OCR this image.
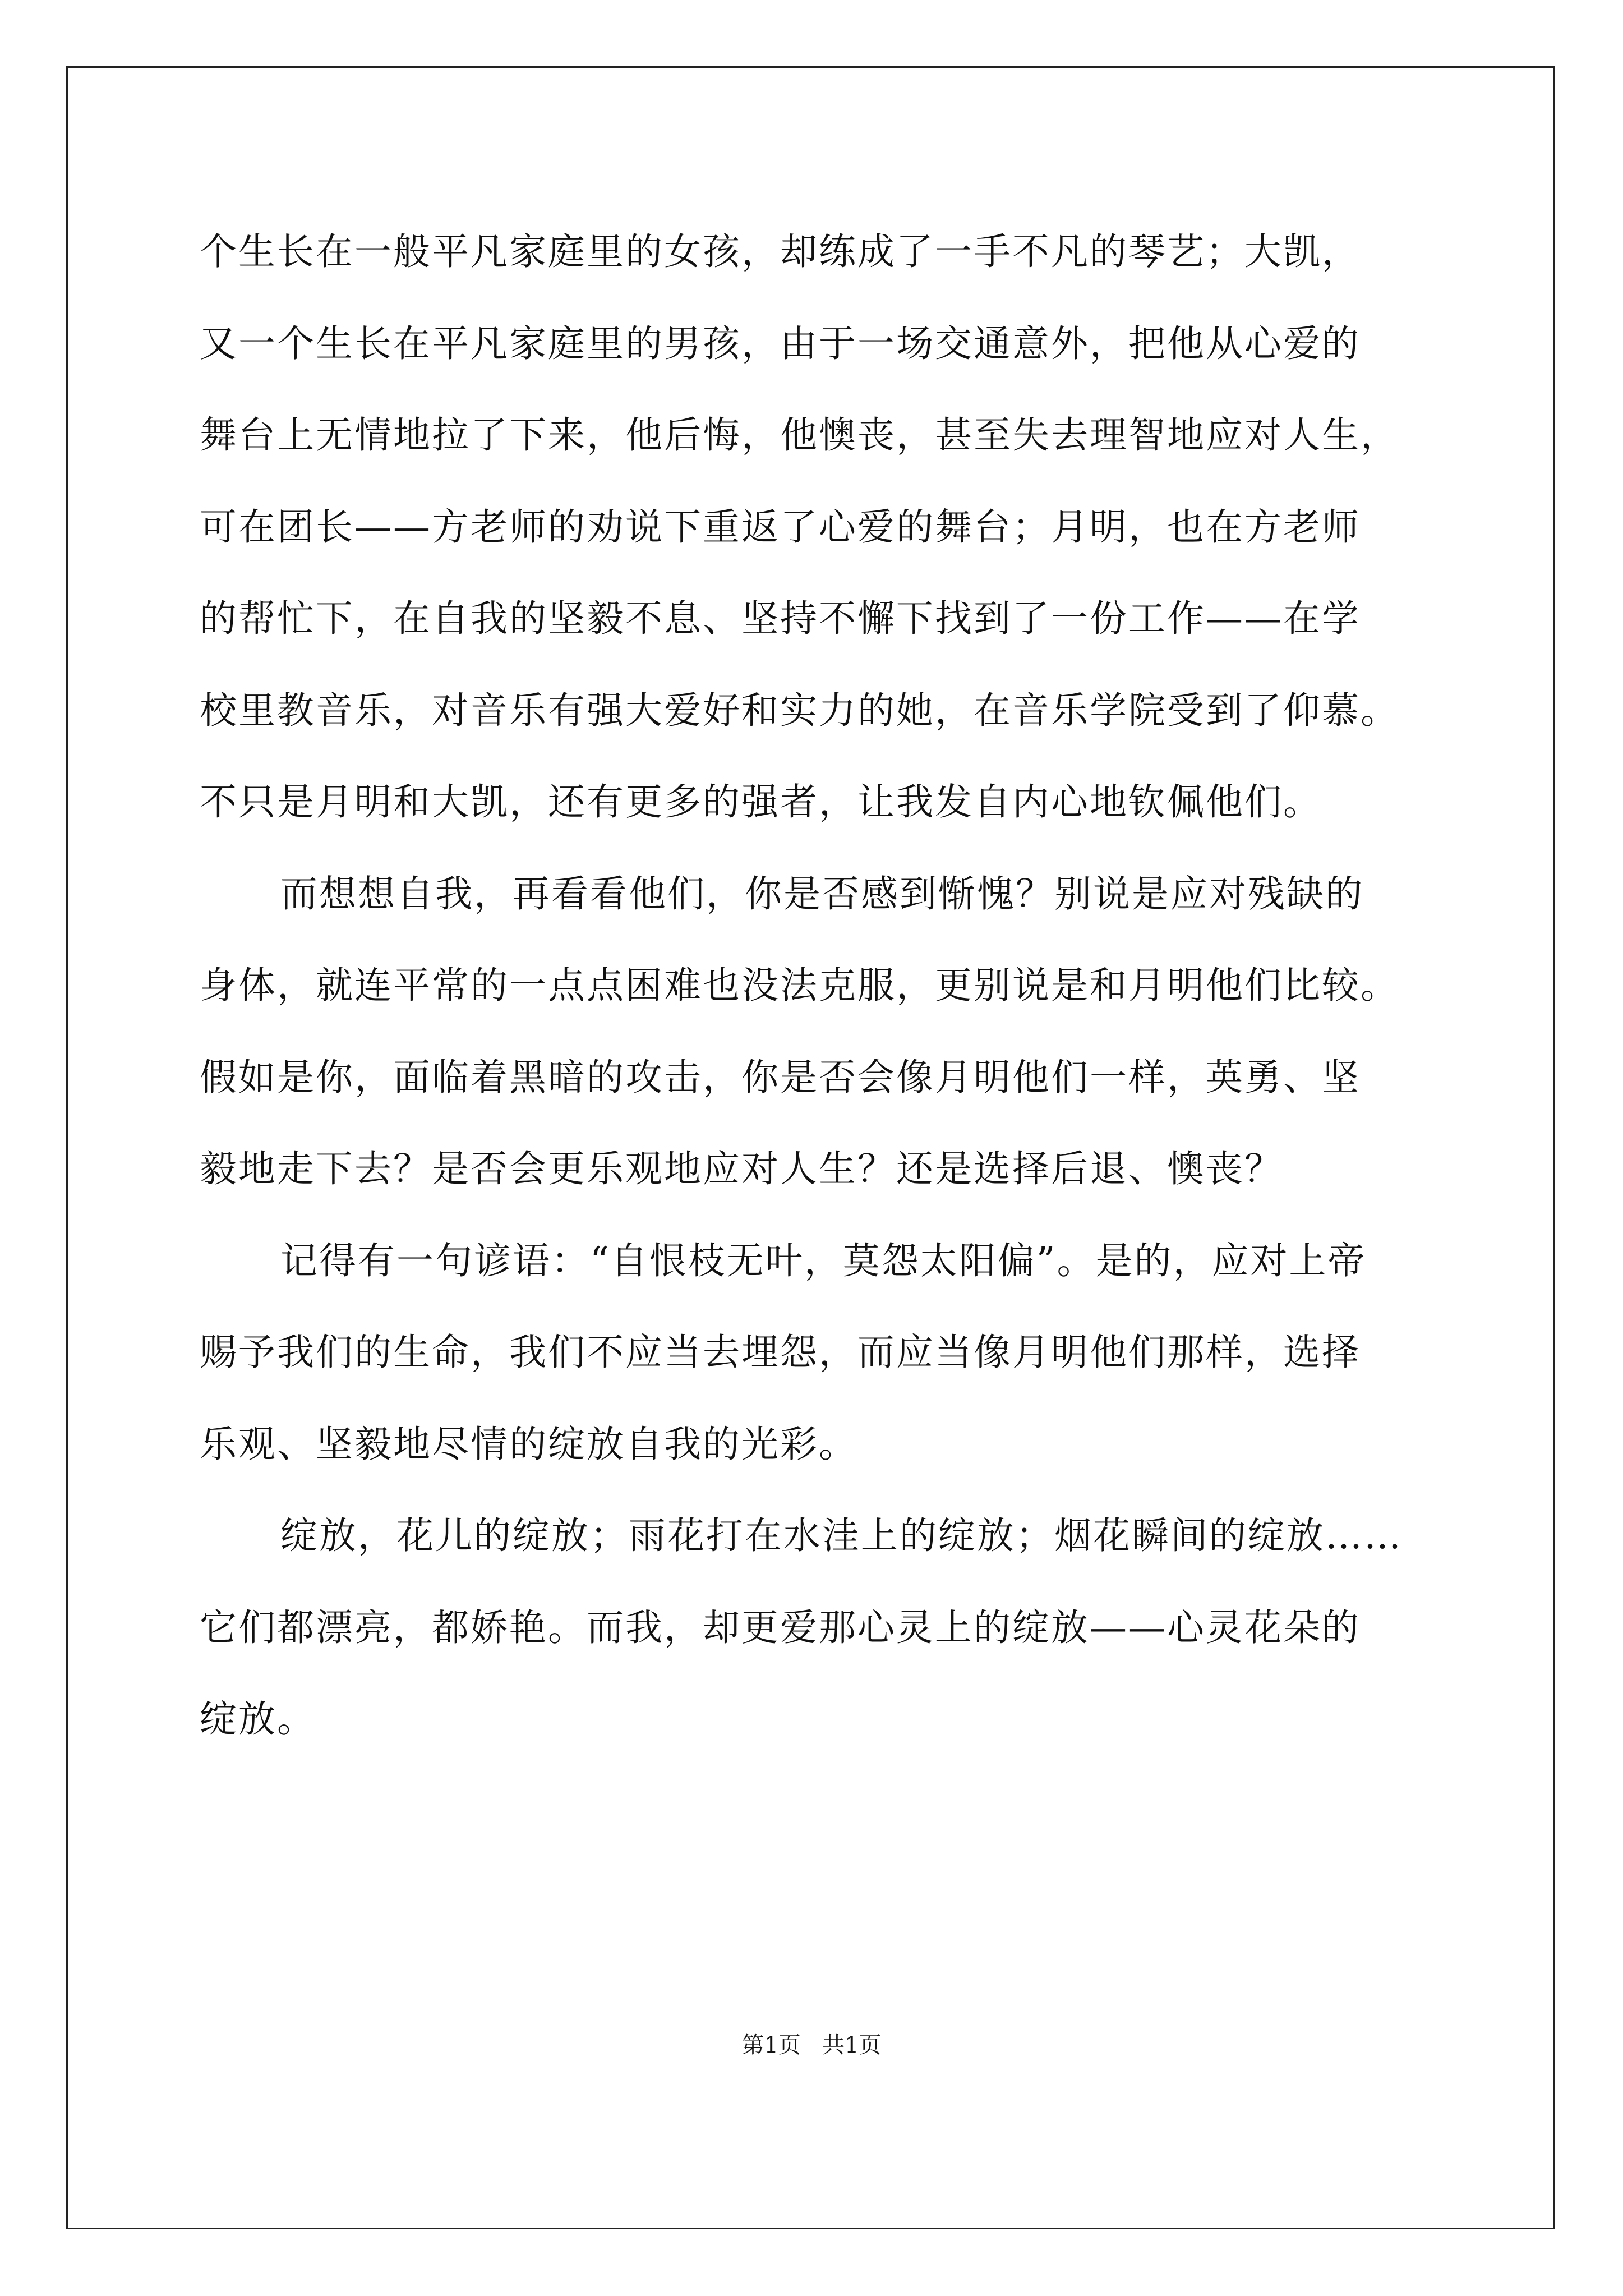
个生长在一般平凡家庭里的女孩，却练成了一手不凡的琴艺；大凯，
又一个生长在平凡家庭里的男孩，由于一场交通意外，把他从心爱的
舞台上无情地拉了下来，他后悔，他懊丧，甚至失去理智地应对人生，
可在团长——方老师的劝说下重返了心爱的舞台；月明，也在方老师
的帮忙下，在自我的坚毅不息、坚持不懈下找到了一份工作——在学
校里教音乐，对音乐有强大爱好和实力的她，在音乐学院受到了仰慕。
不只是月明和大凯，还有更多的强者，让我发自内心地钦佩他们。
而想想自我，再看看他们，你是否感到惭愧？别说是应对残缺的
身体，就连平常的一点点困难也没法克服，更别说是和月明他们比较。
假如是你，面临着黑暗的攻击，你是否会像月明他们一样，英勇、坚
毅地走下去？是否会更乐观地应对人生？还是选择后退、懊丧？
记得有一句谚语：“自恨枝无叶，莫怨太阳偏”。是的，应对上帝
赐予我们的生命，我们不应当去埋怨，而应当像月明他们那样，选择
乐观、坚毅地尽情的绽放自我的光彩。
绽放，花儿的绽放；雨花打在水洼上的绽放；烟花瞬间的绽放……
它们都漂亮，都娇艳。而我，却更爱那心灵上的绽放——心灵花朵的
绽放。
第1页   共1页
